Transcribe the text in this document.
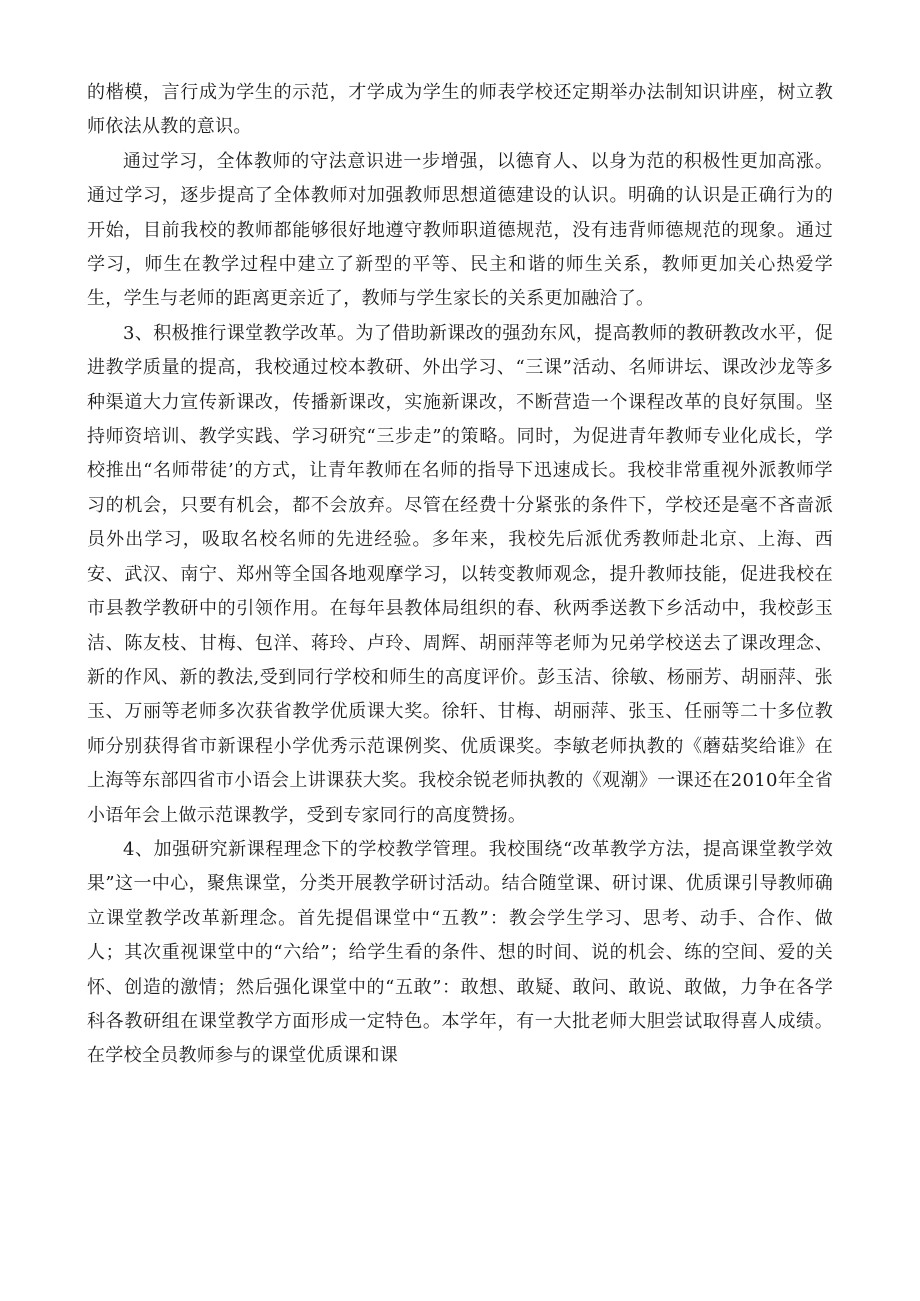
的楷模，言行成为学生的示范，才学成为学生的师表学校还定期举办法制知识讲座，树立教师依法从教的意识。

通过学习，全体教师的守法意识进一步增强，以德育人、以身为范的积极性更加高涨。通过学习，逐步提高了全体教师对加强教师思想道德建设的认识。明确的认识是正确行为的开始，目前我校的教师都能够很好地遵守教师职道德规范，没有违背师德规范的现象。通过学习，师生在教学过程中建立了新型的平等、民主和谐的师生关系，教师更加关心热爱学生，学生与老师的距离更亲近了，教师与学生家长的关系更加融洽了。

3、积极推行课堂教学改革。为了借助新课改的强劲东风，提高教师的教研教改水平，促进教学质量的提高，我校通过校本教研、外出学习、“三课”活动、名师讲坛、课改沙龙等多种渠道大力宣传新课改，传播新课改，实施新课改，不断营造一个课程改革的良好氛围。坚持师资培训、教学实践、学习研究“三步走”的策略。同时，为促进青年教师专业化成长，学校推出“名师带徒’的方式，让青年教师在名师的指导下迅速成长。我校非常重视外派教师学习的机会，只要有机会，都不会放弃。尽管在经费十分紧张的条件下，学校还是毫不吝啬派员外出学习，吸取名校名师的先进经验。多年来，我校先后派优秀教师赴北京、上海、西安、武汉、南宁、郑州等全国各地观摩学习，以转变教师观念，提升教师技能，促进我校在市县教学教研中的引领作用。在每年县教体局组织的春、秋两季送教下乡活动中，我校彭玉洁、陈友枝、甘梅、包洋、蒋玲、卢玲、周辉、胡丽萍等老师为兄弟学校送去了课改理念、新的作风、新的教法,受到同行学校和师生的高度评价。彭玉洁、徐敏、杨丽芳、胡丽萍、张玉、万丽等老师多次获省教学优质课大奖。徐轩、甘梅、胡丽萍、张玉、任丽等二十多位教师分别获得省市新课程小学优秀示范课例奖、优质课奖。李敏老师执教的《蘑菇奖给谁》在上海等东部四省市小语会上讲课获大奖。我校余锐老师执教的《观潮》一课还在2010年全省小语年会上做示范课教学，受到专家同行的高度赞扬。

4、加强研究新课程理念下的学校教学管理。我校围绕“改革教学方法，提高课堂教学效果”这一中心，聚焦课堂，分类开展教学研讨活动。结合随堂课、研讨课、优质课引导教师确立课堂教学改革新理念。首先提倡课堂中“五教”：教会学生学习、思考、动手、合作、做人；其次重视课堂中的“六给”；给学生看的条件、想的时间、说的机会、练的空间、爱的关怀、创造的激情；然后强化课堂中的“五敢”：敢想、敢疑、敢问、敢说、敢做，力争在各学科各教研组在课堂教学方面形成一定特色。本学年，有一大批老师大胆尝试取得喜人成绩。在学校全员教师参与的课堂优质课和课
